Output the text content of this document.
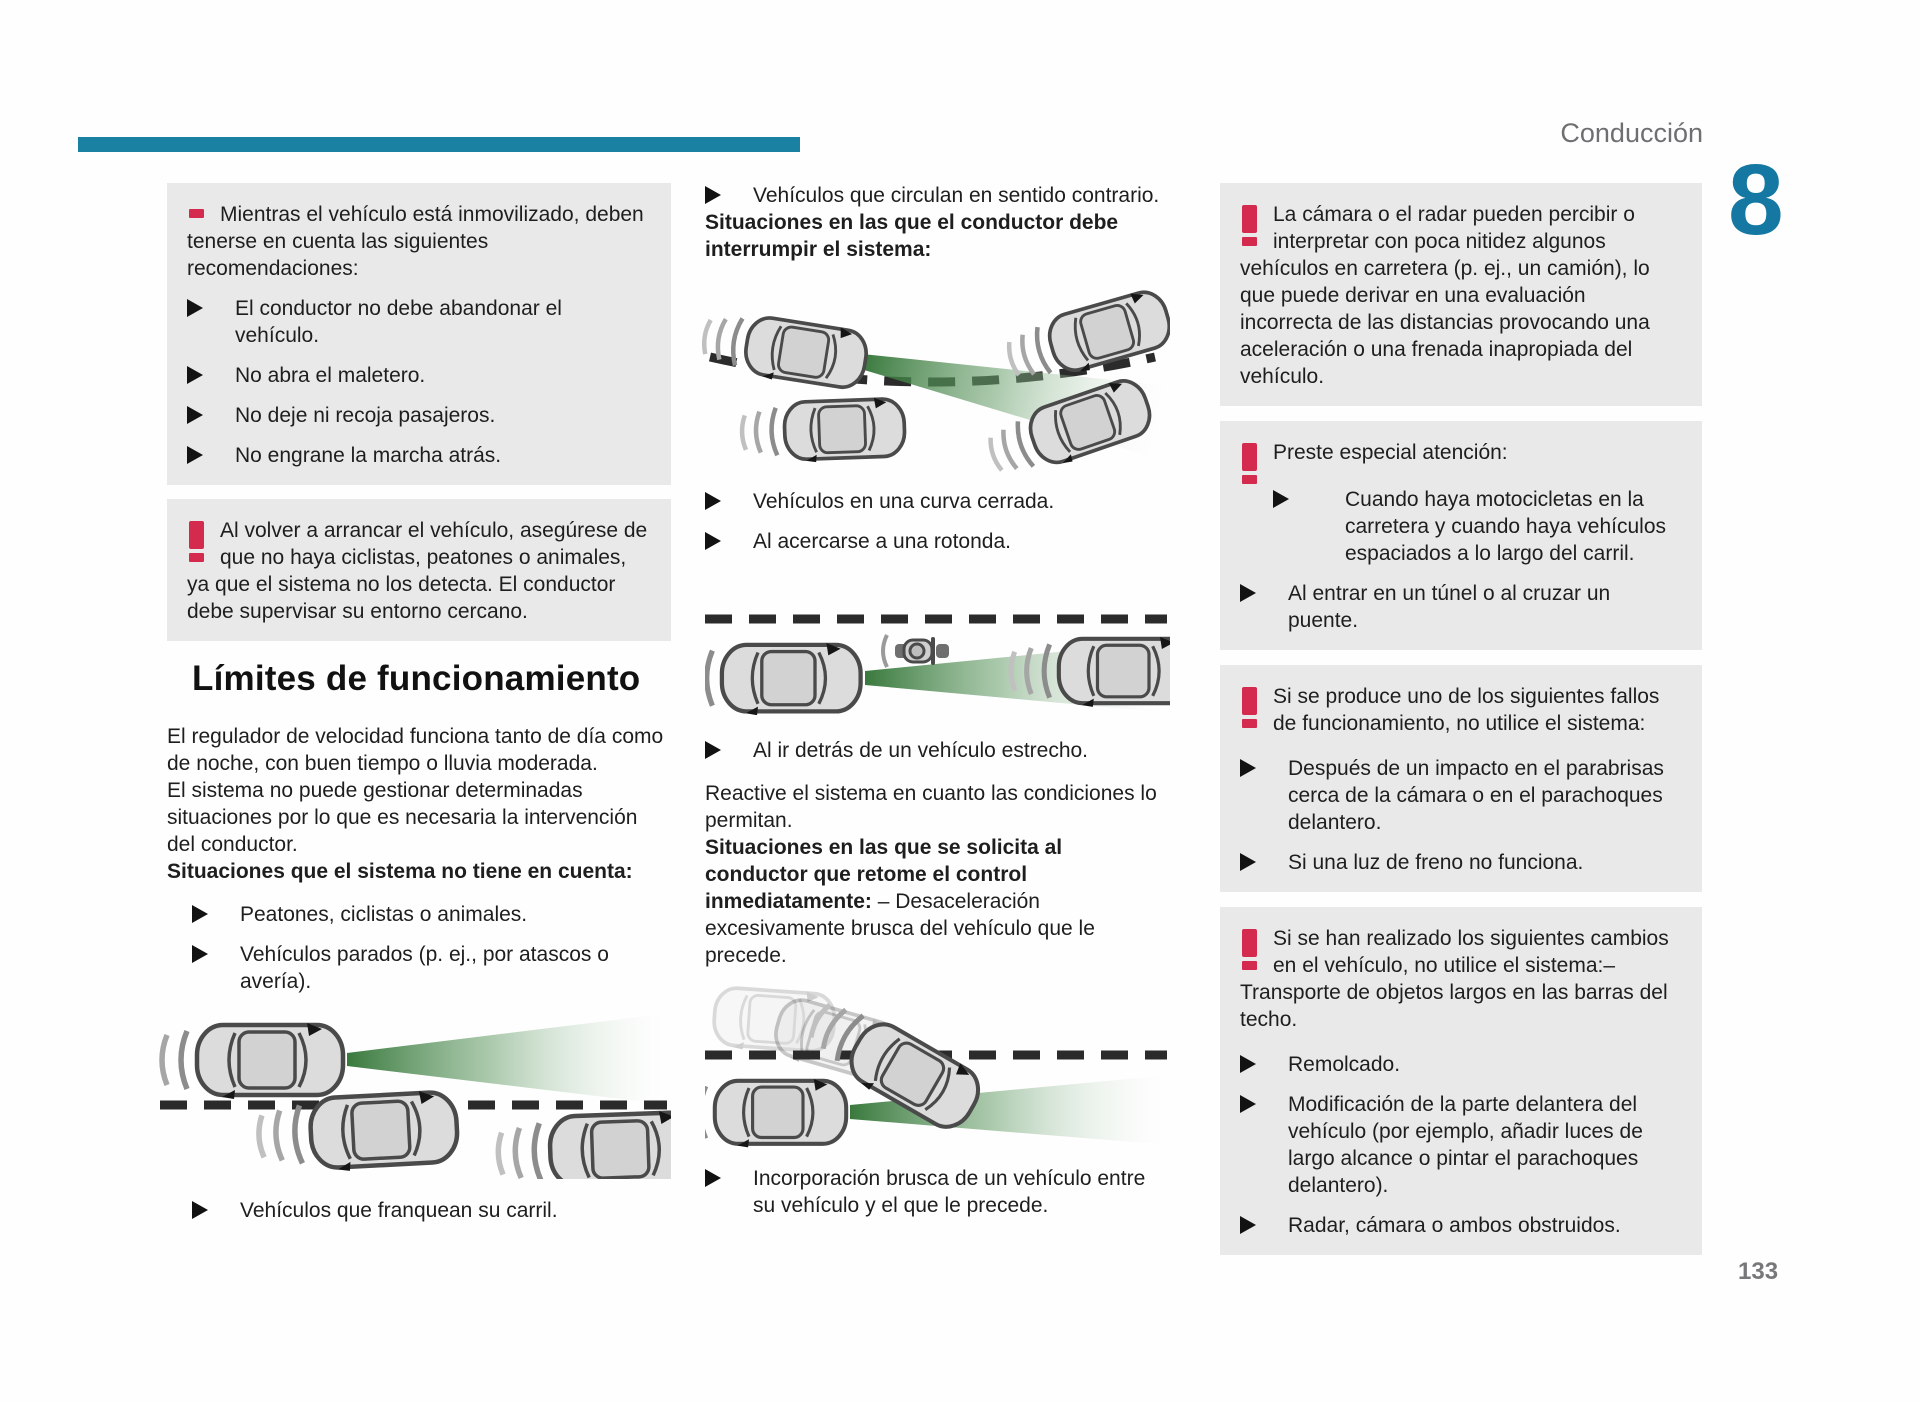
Conducción
8
133
Mientras el vehículo está inmovilizado, deben tenerse en cuenta las siguientes recomendaciones:
El conductor no debe abandonar el vehículo.
No abra el maletero.
No deje ni recoja pasajeros.
No engrane la marcha atrás.
Al volver a arrancar el vehículo, asegúrese de que no haya ciclistas, peatones o animales, ya que el sistema no los detecta. El conductor debe supervisar su entorno cercano.
Límites de funcionamiento

El regulador de velocidad funciona tanto de día como de noche, con buen tiempo o lluvia moderada.

El sistema no puede gestionar determinadas situaciones por lo que es necesaria la intervención del conductor.

Situaciones que el sistema no tiene en cuenta:

Peatones, ciclistas o animales.
Vehículos parados (p. ej., por atascos o avería).
Vehículos que franquean su carril.
Vehículos que circulan en sentido contrario.

Situaciones en las que el conductor debe interrumpir el sistema:

Vehículos en una curva cerrada.
Al acercarse a una rotonda.
Al ir detrás de un vehículo estrecho.

Reactive el sistema en cuanto las condiciones lo permitan.

Situaciones en las que se solicita al conductor que retome el control inmediatamente: – Desaceleración excesivamente brusca del vehículo que le precede.

Incorporación brusca de un vehículo entre su vehículo y el que le precede.
La cámara o el radar pueden percibir o interpretar con poca nitidez algunos vehículos en carretera (p. ej., un camión), lo que puede derivar en una evaluación incorrecta de las distancias provocando una aceleración o una frenada inapropiada del vehículo.
Preste especial atención:
Cuando haya motocicletas en la carretera y cuando haya vehículos espaciados a lo largo del carril.
Al entrar en un túnel o al cruzar un puente.
Si se produce uno de los siguientes fallos de funcionamiento, no utilice el sistema:
Después de un impacto en el parabrisas cerca de la cámara o en el parachoques delantero.
Si una luz de freno no funciona.
Si se han realizado los siguientes cambios en el vehículo, no utilice el sistema:– Transporte de objetos largos en las barras del techo.
Remolcado.
Modificación de la parte delantera del vehículo (por ejemplo, añadir luces de largo alcance o pintar el parachoques delantero).
Radar, cámara o ambos obstruidos.
